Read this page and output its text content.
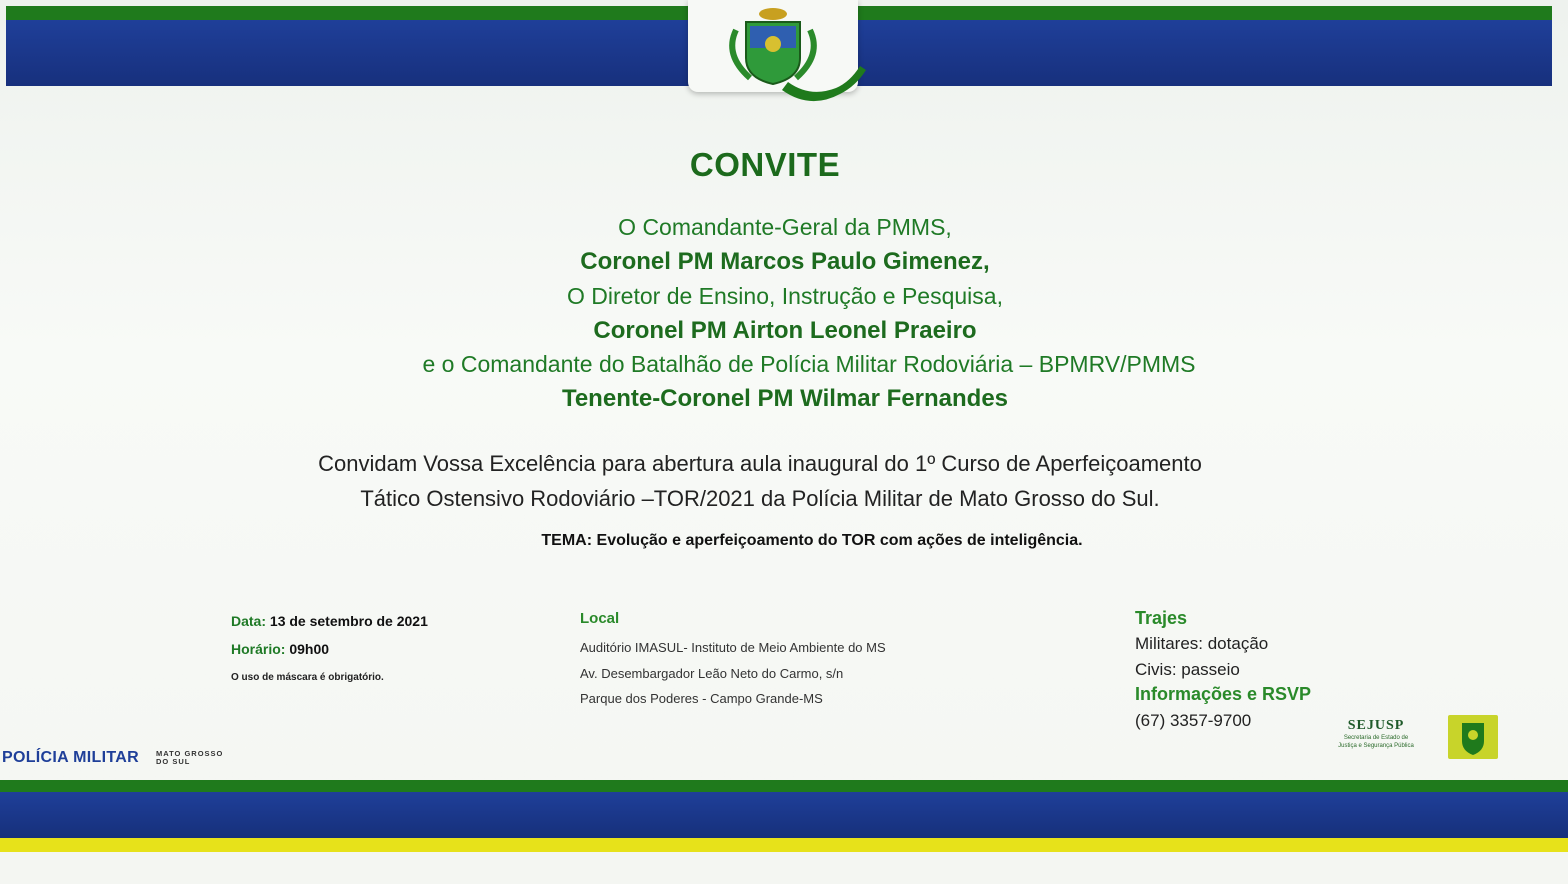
CONVITE
O Comandante-Geral da PMMS,
Coronel PM Marcos Paulo Gimenez,
O Diretor de Ensino, Instrução e Pesquisa,
Coronel PM Airton Leonel Praeiro
e o Comandante do Batalhão de Polícia Militar Rodoviária – BPMRV/PMMS
Tenente-Coronel PM Wilmar Fernandes
Convidam Vossa Excelência para abertura aula inaugural do 1º Curso de Aperfeiçoamento
Tático Ostensivo Rodoviário –TOR/2021 da Polícia Militar de Mato Grosso do Sul.
TEMA: Evolução e aperfeiçoamento do TOR com ações de inteligência.
Data: 13 de setembro de 2021
Horário: 09h00
O uso de máscara é obrigatório.
Local
Auditório IMASUL- Instituto de Meio Ambiente do MS
Av. Desembargador Leão Neto do Carmo, s/n
Parque dos Poderes - Campo Grande-MS
Trajes
Militares: dotação
Civis: passeio
Informações e RSVP
(67) 3357-9700
POLÍCIA MILITAR MATO GROSSO
DO SUL
SEJUSP
Secretaria de Estado de
Justiça e Segurança Pública
